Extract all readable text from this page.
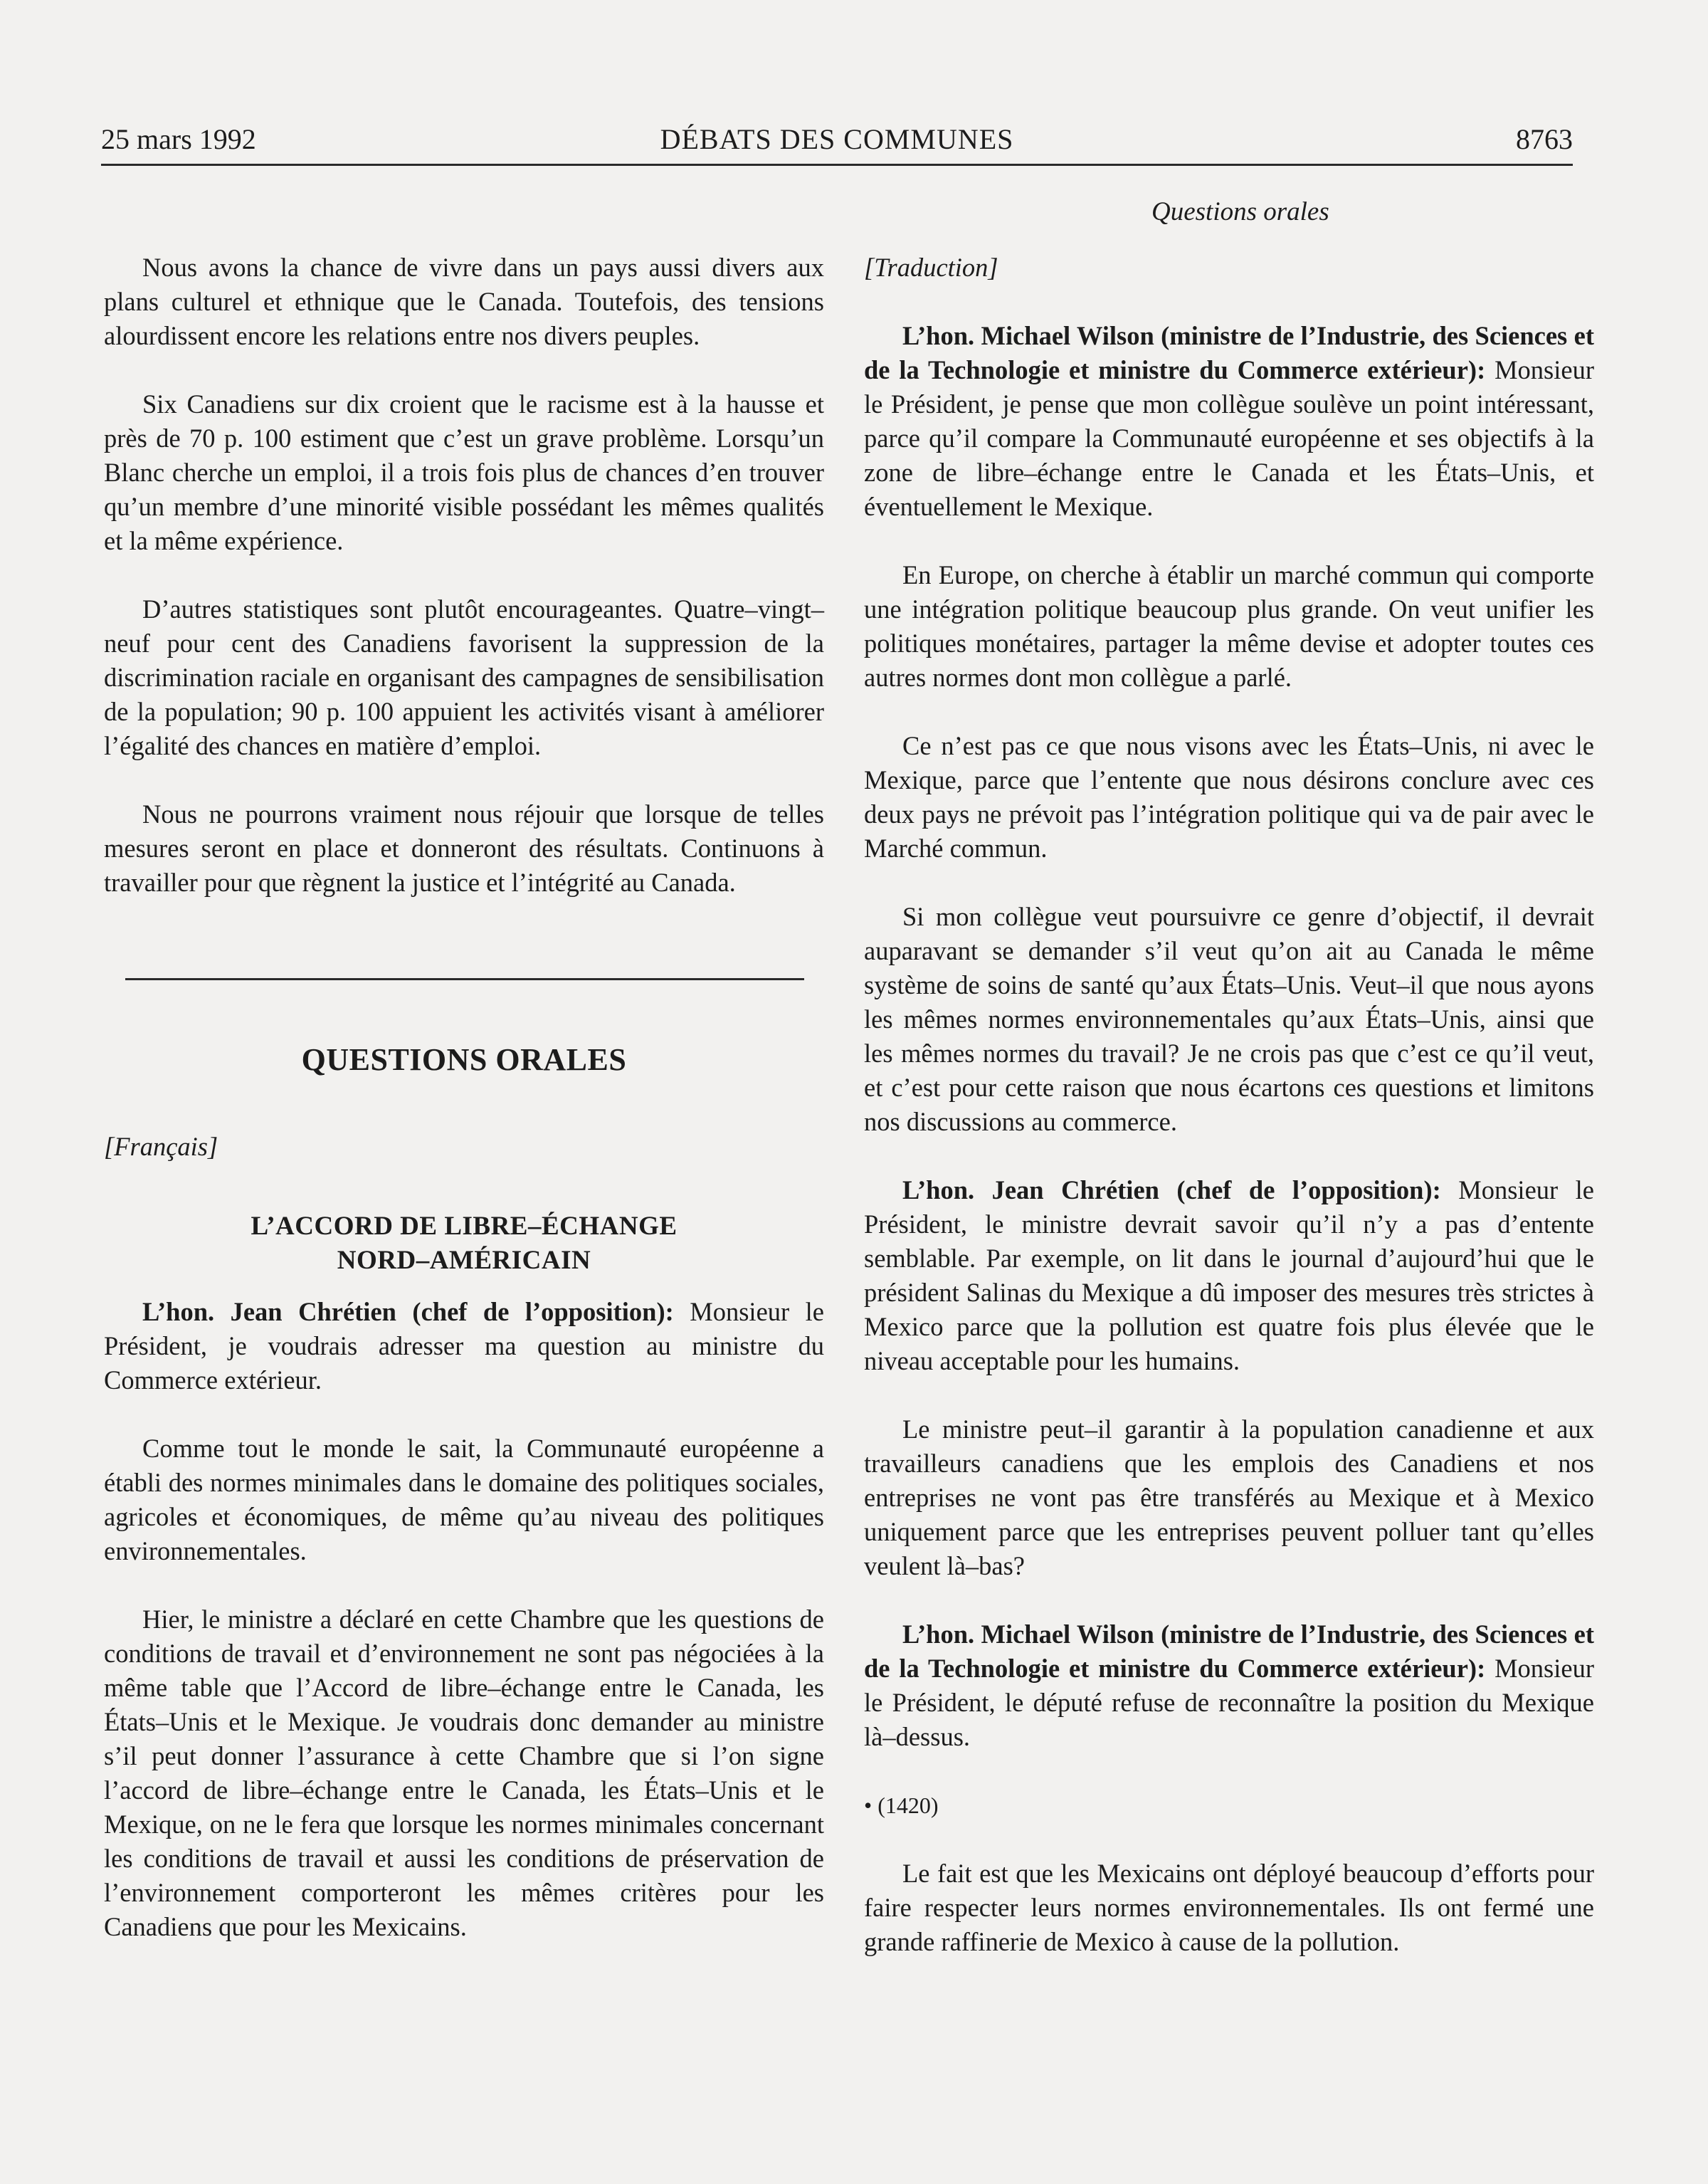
25 mars 1992	DÉBATS DES COMMUNES	8763
Questions orales

Nous avons la chance de vivre dans un pays aussi divers aux plans culturel et ethnique que le Canada. Toutefois, des tensions alourdissent encore les relations entre nos divers peuples.

Six Canadiens sur dix croient que le racisme est à la hausse et près de 70 p. 100 estiment que c’est un grave problème. Lorsqu’un Blanc cherche un emploi, il a trois fois plus de chances d’en trouver qu’un membre d’une minorité visible possédant les mêmes qualités et la même expérience.

D’autres statistiques sont plutôt encourageantes. Quatre–vingt–neuf pour cent des Canadiens favorisent la suppression de la discrimination raciale en organisant des campagnes de sensibilisation de la population; 90 p. 100 appuient les activités visant à améliorer l’égalité des chances en matière d’emploi.

Nous ne pourrons vraiment nous réjouir que lorsque de telles mesures seront en place et donneront des résultats. Continuons à travailler pour que règnent la justice et l’intégrité au Canada.

QUESTIONS ORALES

[Français]

L’ACCORD DE LIBRE–ÉCHANGE
NORD–AMÉRICAIN

L’hon. Jean Chrétien (chef de l’opposition): Monsieur le Président, je voudrais adresser ma question au ministre du Commerce extérieur.

Comme tout le monde le sait, la Communauté européenne a établi des normes minimales dans le domaine des politiques sociales, agricoles et économiques, de même qu’au niveau des politiques environnementales.

Hier, le ministre a déclaré en cette Chambre que les questions de conditions de travail et d’environnement ne sont pas négociées à la même table que l’Accord de libre–échange entre le Canada, les États–Unis et le Mexique. Je voudrais donc demander au ministre s’il peut donner l’assurance à cette Chambre que si l’on signe l’accord de libre–échange entre le Canada, les États–Unis et le Mexique, on ne le fera que lorsque les normes minimales concernant les conditions de travail et aussi les conditions de préservation de l’environnement comporteront les mêmes critères pour les Canadiens que pour les Mexicains.

[Traduction]

L’hon. Michael Wilson (ministre de l’Industrie, des Sciences et de la Technologie et ministre du Commerce extérieur): Monsieur le Président, je pense que mon collègue soulève un point intéressant, parce qu’il compare la Communauté européenne et ses objectifs à la zone de libre–échange entre le Canada et les États–Unis, et éventuellement le Mexique.

En Europe, on cherche à établir un marché commun qui comporte une intégration politique beaucoup plus grande. On veut unifier les politiques monétaires, partager la même devise et adopter toutes ces autres normes dont mon collègue a parlé.

Ce n’est pas ce que nous visons avec les États–Unis, ni avec le Mexique, parce que l’entente que nous désirons conclure avec ces deux pays ne prévoit pas l’intégration politique qui va de pair avec le Marché commun.

Si mon collègue veut poursuivre ce genre d’objectif, il devrait auparavant se demander s’il veut qu’on ait au Canada le même système de soins de santé qu’aux États–Unis. Veut–il que nous ayons les mêmes normes environnementales qu’aux États–Unis, ainsi que les mêmes normes du travail? Je ne crois pas que c’est ce qu’il veut, et c’est pour cette raison que nous écartons ces questions et limitons nos discussions au commerce.

L’hon. Jean Chrétien (chef de l’opposition): Monsieur le Président, le ministre devrait savoir qu’il n’y a pas d’entente semblable. Par exemple, on lit dans le journal d’aujourd’hui que le président Salinas du Mexique a dû imposer des mesures très strictes à Mexico parce que la pollution est quatre fois plus élevée que le niveau acceptable pour les humains.

Le ministre peut–il garantir à la population canadienne et aux travailleurs canadiens que les emplois des Canadiens et nos entreprises ne vont pas être transférés au Mexique et à Mexico uniquement parce que les entreprises peuvent polluer tant qu’elles veulent là–bas?

L’hon. Michael Wilson (ministre de l’Industrie, des Sciences et de la Technologie et ministre du Commerce extérieur): Monsieur le Président, le député refuse de reconnaître la position du Mexique là–dessus.

• (1420)

Le fait est que les Mexicains ont déployé beaucoup d’efforts pour faire respecter leurs normes environnementales. Ils ont fermé une grande raffinerie de Mexico à cause de la pollution.
